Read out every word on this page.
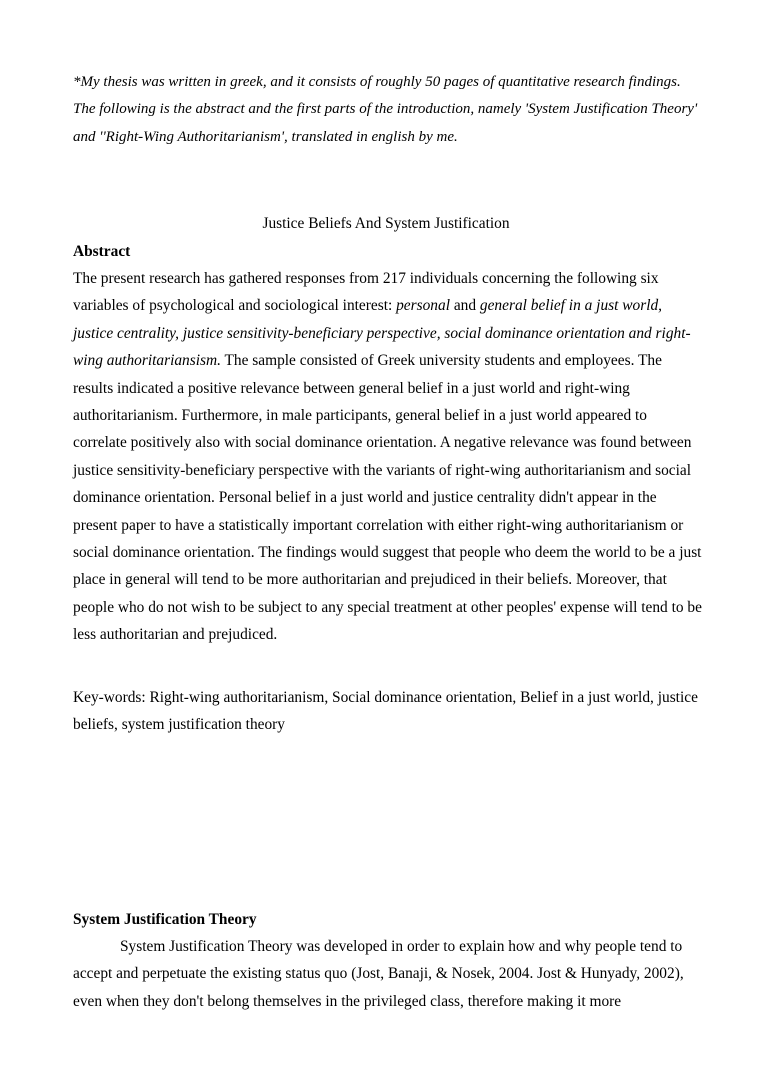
*My thesis was written in greek, and it consists of roughly 50 pages of quantitative research findings. The following is the abstract and the first parts of the introduction, namely 'System Justification Theory' and ''Right-Wing Authoritarianism', translated in english by me.

Justice Beliefs And System Justification

Abstract

The present research has gathered responses from 217 individuals concerning the following six variables of psychological and sociological interest: personal and general belief in a just world, justice centrality, justice sensitivity-beneficiary perspective, social dominance orientation and right-wing authoritariansism. The sample consisted of Greek university students and employees. The results indicated a positive relevance between general belief in a just world and right-wing authoritarianism. Furthermore, in male participants, general belief in a just world appeared to correlate positively also with social dominance orientation. A negative relevance was found between justice sensitivity-beneficiary perspective with the variants of right-wing authoritarianism and social dominance orientation. Personal belief in a just world and justice centrality didn't appear in the present paper to have a statistically important correlation with either right-wing authoritarianism or social dominance orientation. The findings would suggest that people who deem the world to be a just place in general will tend to be more authoritarian and prejudiced in their beliefs. Moreover, that people who do not wish to be subject to any special treatment at other peoples' expense will tend to be less authoritarian and prejudiced.

Key-words: Right-wing authoritarianism, Social dominance orientation, Belief in a just world, justice beliefs, system justification theory

System Justification Theory

System Justification Theory was developed in order to explain how and why people tend to accept and perpetuate the existing status quo (Jost, Banaji, & Nosek, 2004. Jost & Hunyady, 2002), even when they don't belong themselves in the privileged class, therefore making it more
